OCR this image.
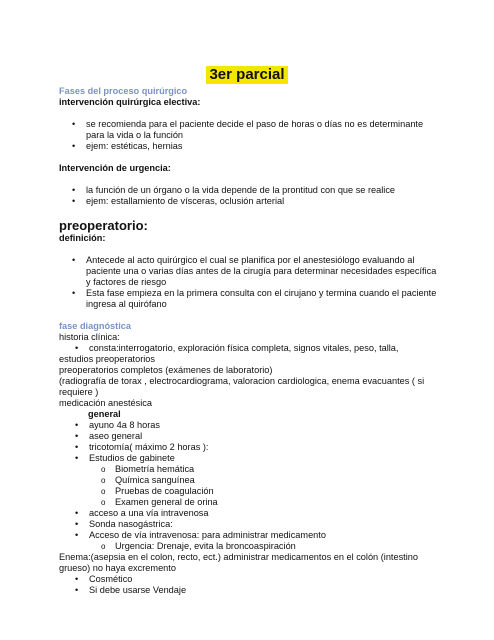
3er parcial
Fases del proceso quirúrgico
intervención quirúrgica electiva:
• se recomienda para el paciente decide el paso de horas o días no es determinante para la vida o la función
• ejem: estéticas, hernias
Intervención de urgencia:
• la función de un órgano o la vida depende de la prontitud con que se realice
• ejem: estallamiento de vísceras, oclusión arterial
preoperatorio:
definición:
• Antecede al acto quirúrgico el cual se planifica por el anestesiólogo evaluando al paciente una o varias días antes de la cirugía para determinar necesidades específica y factores de riesgo
• Esta fase empieza en la primera consulta con el cirujano y termina cuando el paciente ingresa al quirófano
fase diagnóstica
historia clínica:
• consta:interrogatorio, exploración física completa, signos vitales, peso, talla,
estudios preoperatorios
preoperatorios completos (exámenes de laboratorio)
(radiografía de torax , electrocardiograma, valoracion cardiologica, enema evacuantes ( si requiere )
medicación anestésica
general
• ayuno 4a 8 horas
• aseo general
• tricotomía( máximo 2 horas ):
• Estudios de gabinete
o Biometría hemática
o Química sanguínea
o Pruebas de coagulación
o Examen general de orina
• acceso a una vía intravenosa
• Sonda nasogástrica:
• Acceso de vía intravenosa: para administrar medicamento
o Urgencia: Drenaje, evita la broncoaspiración
Enema:(asepsia en el colon, recto, ect.) administrar medicamentos en el colón (intestino grueso) no haya excremento
• Cosmético
• Si debe usarse Vendaje
